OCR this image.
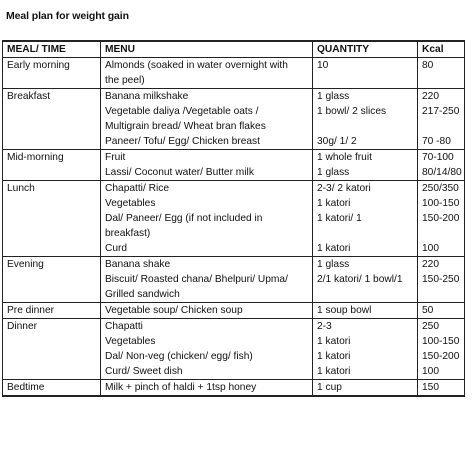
Meal plan for weight gain
MEAL/ TIME	MENU	QUANTITY	Kcal
Early morning	Almonds (soaked in water overnight with	10	80
	the peel)		
Breakfast	Banana milkshake	1 glass	220
	Vegetable daliya /Vegetable oats /	1 bowl/ 2 slices	217-250
	Multigrain bread/ Wheat bran flakes		
	Paneer/ Tofu/ Egg/ Chicken breast	30g/ 1/ 2	70 -80
Mid-morning	Fruit	1 whole fruit	70-100
	Lassi/ Coconut water/ Butter milk	1 glass	80/14/80
Lunch	Chapatti/ Rice	2-3/ 2 katori	250/350
	Vegetables	1 katori	100-150
	Dal/ Paneer/ Egg (if not included in	1 katori/ 1	150-200
	breakfast)		
	Curd	1 katori	100
Evening	Banana shake	1 glass	220
	Biscuit/ Roasted chana/ Bhelpuri/ Upma/	2/1 katori/ 1 bowl/1	150-250
	Grilled sandwich		
Pre dinner	Vegetable soup/ Chicken soup	1 soup bowl	50
Dinner	Chapatti	2-3	250
	Vegetables	1 katori	100-150
	Dal/ Non-veg (chicken/ egg/ fish)	1 katori	150-200
	Curd/ Sweet dish	1 katori	100
Bedtime	Milk + pinch of haldi + 1tsp honey	1 cup	150
